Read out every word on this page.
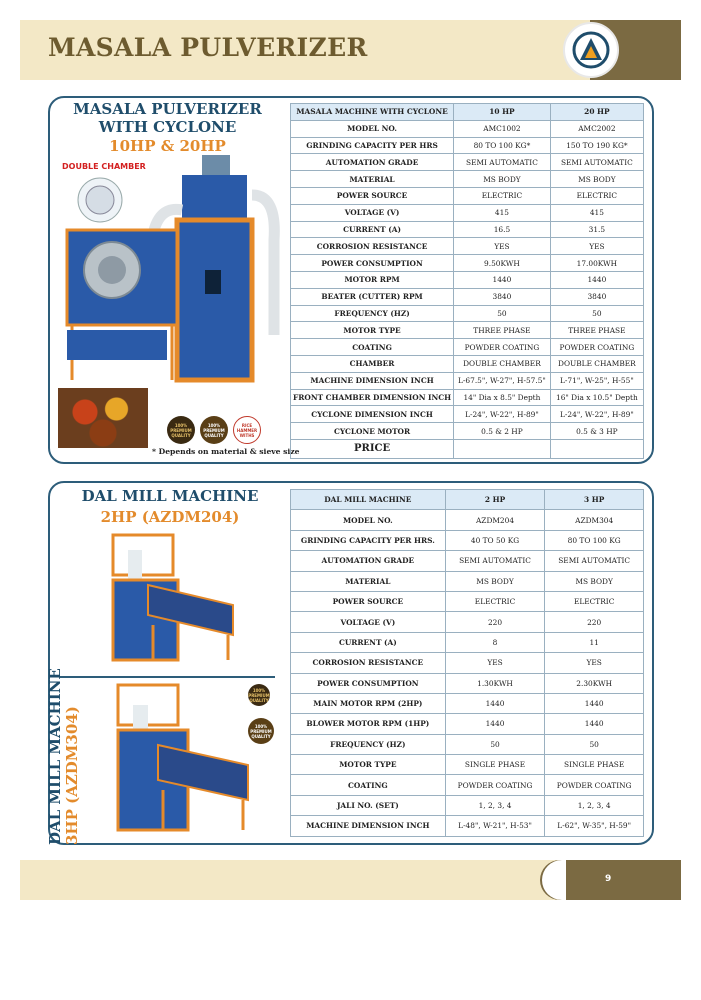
MASALA PULVERIZER
MASALA PULVERIZER
WITH CYCLONE
10HP & 20HP
DOUBLE CHAMBER
100% PREMIUM QUALITY
100% PREMIUM QUALITY
RICE HAMMER WITHS
* Depends on material & sieve size
MASALA MACHINE WITH CYCLONE	10 HP	20 HP
MODEL NO.	AMC1002	AMC2002
GRINDING CAPACITY PER HRS	80 TO 100 KG*	150 TO 190 KG*
AUTOMATION GRADE	SEMI AUTOMATIC	SEMI AUTOMATIC
MATERIAL	MS BODY	MS BODY
POWER SOURCE	ELECTRIC	ELECTRIC
VOLTAGE (V)	415	415
CURRENT (A)	16.5	31.5
CORROSION RESISTANCE	YES	YES
POWER CONSUMPTION	9.50KWH	17.00KWH
MOTOR RPM	1440	1440
BEATER (CUTTER) RPM	3840	3840
FREQUENCY (HZ)	50	50
MOTOR TYPE	THREE PHASE	THREE PHASE
COATING	POWDER COATING	POWDER COATING
CHAMBER	DOUBLE CHAMBER	DOUBLE CHAMBER
MACHINE DIMENSION INCH	L-67.5", W-27", H-57.5"	L-71", W-25", H-55"
FRONT CHAMBER DIMENSION INCH	14" Dia x 8.5" Depth	16" Dia x 10.5" Depth
CYCLONE DIMENSION INCH	L-24", W-22", H-89"	L-24", W-22", H-89"
CYCLONE MOTOR	0.5 & 2 HP	0.5 & 3 HP
PRICE		
DAL MILL MACHINE
2HP (AZDM204)
DAL MILL MACHINE 3HP (AZDM304)
100% PREMIUM QUALITY
100% PREMIUM QUALITY
DAL MILL MACHINE	2 HP	3 HP
MODEL NO.	AZDM204	AZDM304
GRINDING CAPACITY PER HRS.	40 TO 50 KG	80 TO 100 KG
AUTOMATION GRADE	SEMI AUTOMATIC	SEMI AUTOMATIC
MATERIAL	MS BODY	MS BODY
POWER SOURCE	ELECTRIC	ELECTRIC
VOLTAGE (V)	220	220
CURRENT (A)	8	11
CORROSION RESISTANCE	YES	YES
POWER CONSUMPTION	1.30KWH	2.30KWH
MAIN MOTOR RPM (2HP)	1440	1440
BLOWER MOTOR RPM (1HP)	1440	1440
FREQUENCY (HZ)	50	50
MOTOR TYPE	SINGLE PHASE	SINGLE PHASE
COATING	POWDER COATING	POWDER COATING
JALI NO. (SET)	1, 2, 3, 4	1, 2, 3, 4
MACHINE DIMENSION INCH	L-48", W-21", H-53"	L-62", W-35", H-59"
9
